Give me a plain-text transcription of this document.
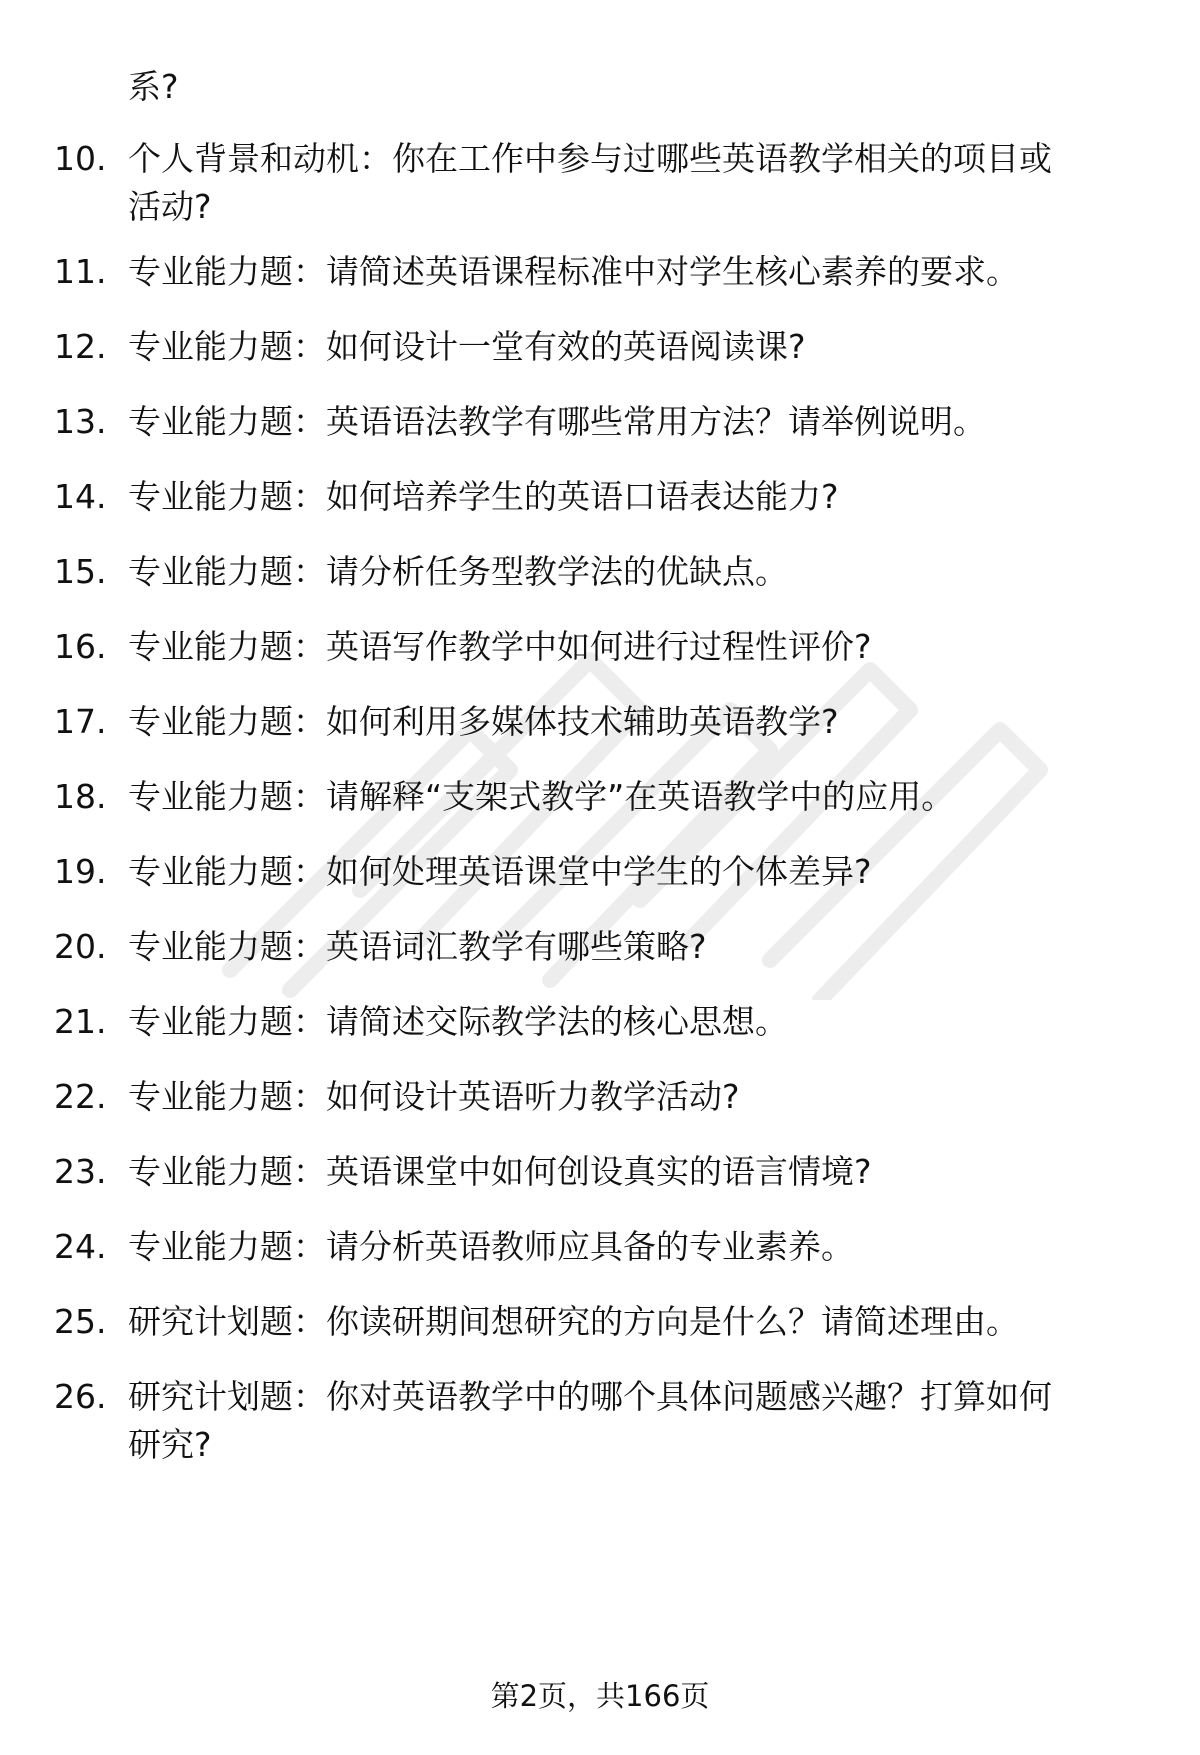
系?
10. 个人背景和动机：你在工作中参与过哪些英语教学相关的项目或
活动?
11. 专业能力题：请简述英语课程标准中对学生核心素养的要求。
12. 专业能力题：如何设计一堂有效的英语阅读课?
13. 专业能力题：英语语法教学有哪些常用方法？请举例说明。
14. 专业能力题：如何培养学生的英语口语表达能力?
15. 专业能力题：请分析任务型教学法的优缺点。
16. 专业能力题：英语写作教学中如何进行过程性评价?
17. 专业能力题：如何利用多媒体技术辅助英语教学?
18. 专业能力题：请解释“支架式教学”在英语教学中的应用。
19. 专业能力题：如何处理英语课堂中学生的个体差异?
20. 专业能力题：英语词汇教学有哪些策略?
21. 专业能力题：请简述交际教学法的核心思想。
22. 专业能力题：如何设计英语听力教学活动?
23. 专业能力题：英语课堂中如何创设真实的语言情境?
24. 专业能力题：请分析英语教师应具备的专业素养。
25. 研究计划题：你读研期间想研究的方向是什么？请简述理由。
26. 研究计划题：你对英语教学中的哪个具体问题感兴趣？打算如何
研究?
第2页，共166页
